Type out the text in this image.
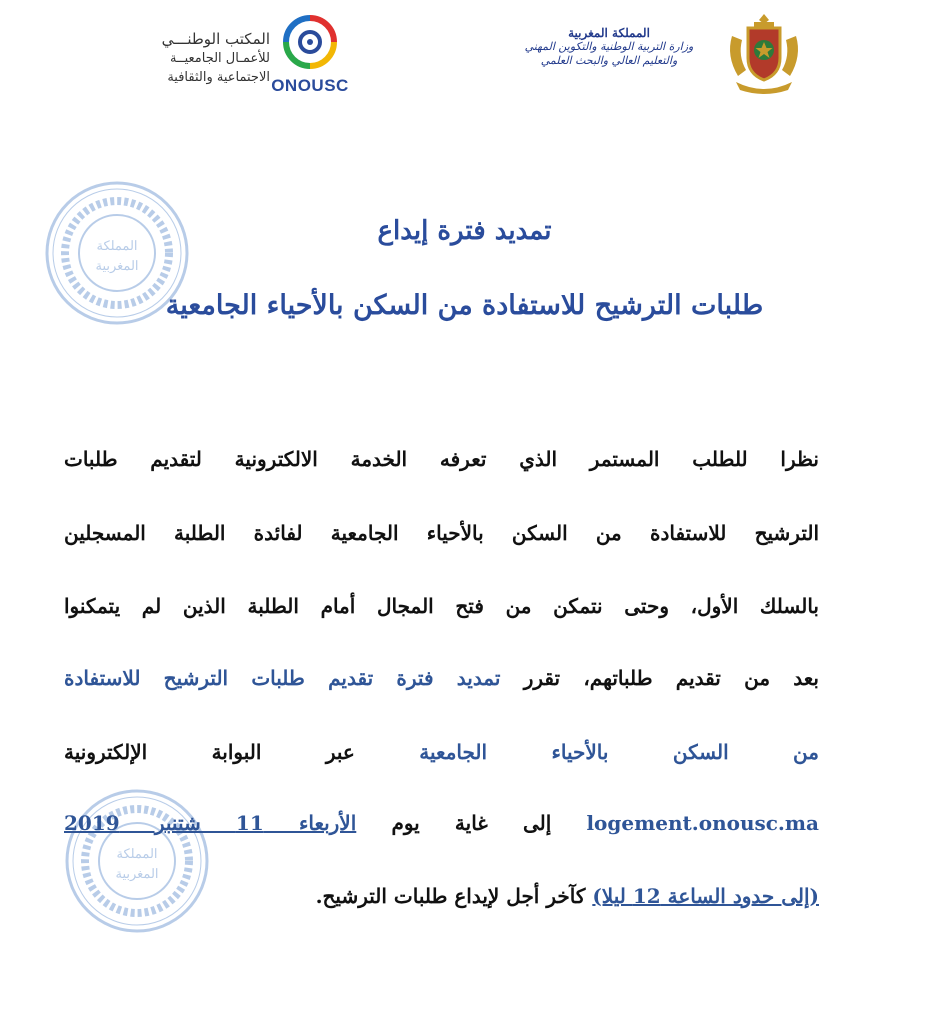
المملكة
المغربية
المملكة
المغربية
المملكة المغربية
وزارة التربية الوطنية والتكوين المهني
والتعليم العالي والبحث العلمي
المكتب الوطنـــي
للأعمـال الجامعيــة
الاجتماعية والثقافية ONOUSC
تمديد فترة إيداع
طلبات الترشيح للاستفادة من السكن بالأحياء الجامعية
نظرا للطلب المستمر الذي تعرفه الخدمة الالكترونية لتقديم طلبات
الترشيح للاستفادة من السكن بالأحياء الجامعية لفائدة الطلبة المسجلين
بالسلك الأول، وحتى نتمكن من فتح المجال أمام الطلبة الذين لم يتمكنوا
بعد من تقديم طلباتهم، تقرر تمديد فترة تقديم طلبات الترشيح للاستفادة
من السكن بالأحياء الجامعية عبر البوابة الإلكترونية
logement.onousc.ma إلى غاية يوم الأربعاء 11 شتنبر 2019
(إلى حدود الساعة 12 ليلا) كآخر أجل لإيداع طلبات الترشيح.
